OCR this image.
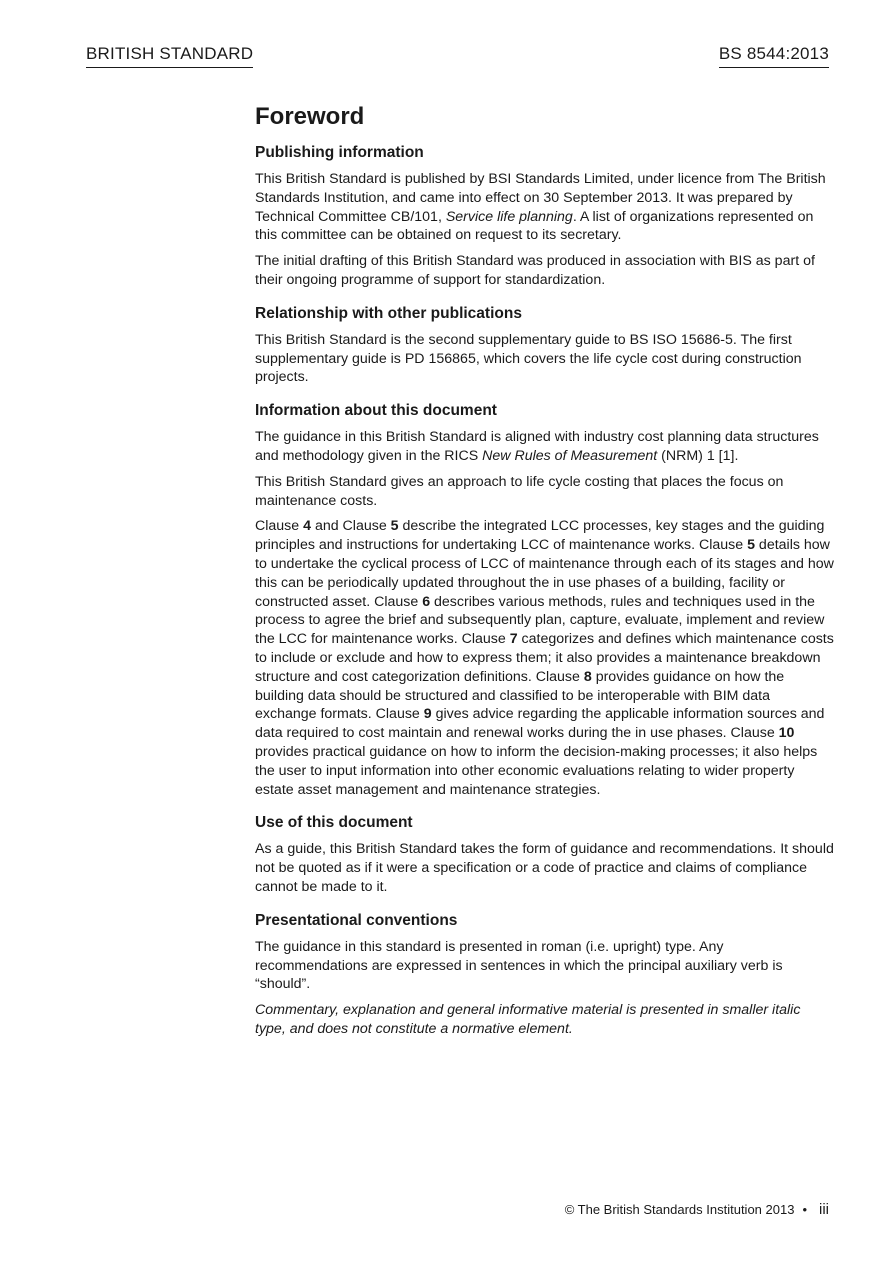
BRITISH STANDARD	BS 8544:2013
Foreword
Publishing information

This British Standard is published by BSI Standards Limited, under licence from The British Standards Institution, and came into effect on 30 September 2013. It was prepared by Technical Committee CB/101, Service life planning. A list of organizations represented on this committee can be obtained on request to its secretary.

The initial drafting of this British Standard was produced in association with BIS as part of their ongoing programme of support for standardization.

Relationship with other publications

This British Standard is the second supplementary guide to BS ISO 15686-5. The first supplementary guide is PD 156865, which covers the life cycle cost during construction projects.

Information about this document

The guidance in this British Standard is aligned with industry cost planning data structures and methodology given in the RICS New Rules of Measurement (NRM) 1 [1].

This British Standard gives an approach to life cycle costing that places the focus on maintenance costs.

Clause 4 and Clause 5 describe the integrated LCC processes, key stages and the guiding principles and instructions for undertaking LCC of maintenance works. Clause 5 details how to undertake the cyclical process of LCC of maintenance through each of its stages and how this can be periodically updated throughout the in use phases of a building, facility or constructed asset. Clause 6 describes various methods, rules and techniques used in the process to agree the brief and subsequently plan, capture, evaluate, implement and review the LCC for maintenance works. Clause 7 categorizes and defines which maintenance costs to include or exclude and how to express them; it also provides a maintenance breakdown structure and cost categorization definitions. Clause 8 provides guidance on how the building data should be structured and classified to be interoperable with BIM data exchange formats. Clause 9 gives advice regarding the applicable information sources and data required to cost maintain and renewal works during the in use phases. Clause 10 provides practical guidance on how to inform the decision-making processes; it also helps the user to input information into other economic evaluations relating to wider property estate asset management and maintenance strategies.

Use of this document

As a guide, this British Standard takes the form of guidance and recommendations. It should not be quoted as if it were a specification or a code of practice and claims of compliance cannot be made to it.

Presentational conventions

The guidance in this standard is presented in roman (i.e. upright) type. Any recommendations are expressed in sentences in which the principal auxiliary verb is “should”.

Commentary, explanation and general informative material is presented in smaller italic type, and does not constitute a normative element.

© The British Standards Institution 2013 • iii
